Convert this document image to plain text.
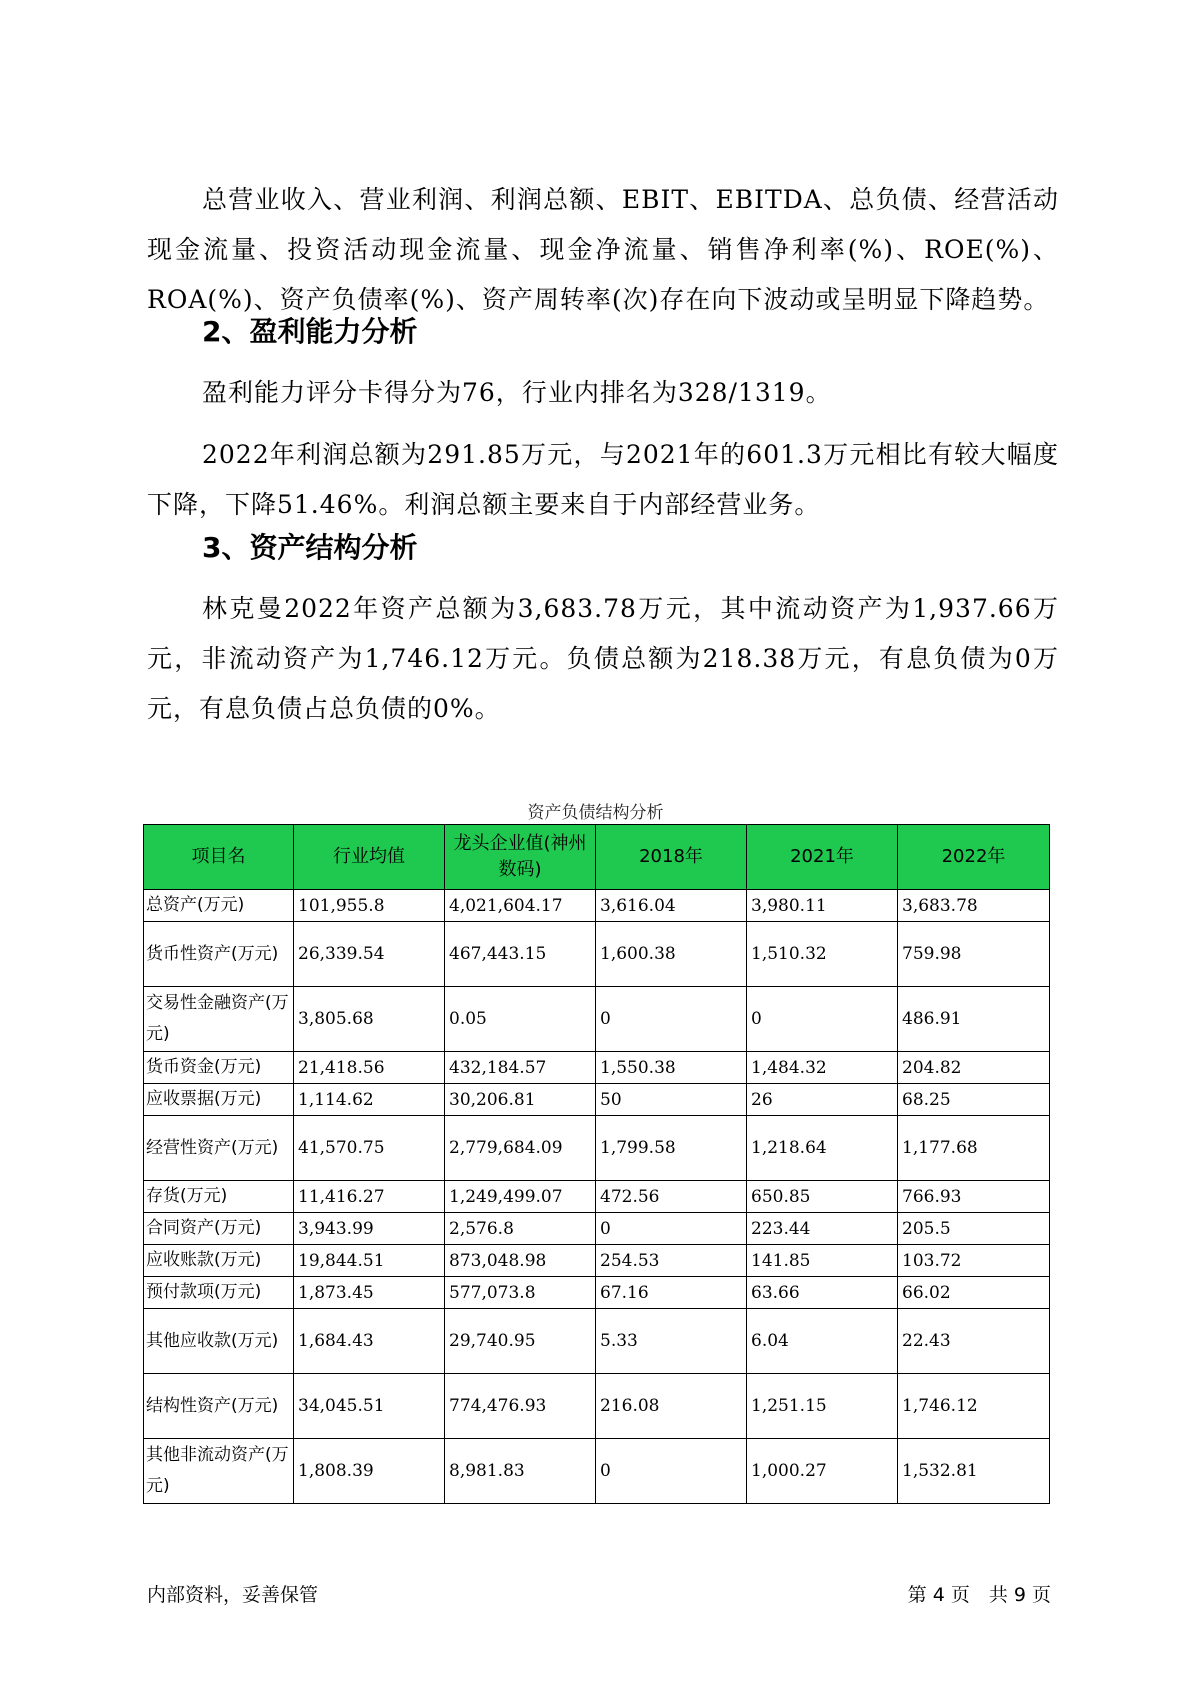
总营业收入、营业利润、利润总额、EBIT、EBITDA、总负债、经营活动现金流量、投资活动现金流量、现金净流量、销售净利率(%)、ROE(%)、ROA(%)、资产负债率(%)、资产周转率(次)存在向下波动或呈明显下降趋势。
2、盈利能力分析
盈利能力评分卡得分为76，行业内排名为328/1319。
2022年利润总额为291.85万元，与2021年的601.3万元相比有较大幅度下降，下降51.46%。利润总额主要来自于内部经营业务。
3、资产结构分析
林克曼2022年资产总额为3,683.78万元，其中流动资产为1,937.66万元，非流动资产为1,746.12万元。负债总额为218.38万元，有息负债为0万元，有息负债占总负债的0%。
资产负债结构分析
项目名	行业均值	龙头企业值(神州数码)	2018年	2021年	2022年
总资产(万元)	101,955.8	4,021,604.17	3,616.04	3,980.11	3,683.78
货币性资产(万元)	26,339.54	467,443.15	1,600.38	1,510.32	759.98
交易性金融资产(万元)	3,805.68	0.05	0	0	486.91
货币资金(万元)	21,418.56	432,184.57	1,550.38	1,484.32	204.82
应收票据(万元)	1,114.62	30,206.81	50	26	68.25
经营性资产(万元)	41,570.75	2,779,684.09	1,799.58	1,218.64	1,177.68
存货(万元)	11,416.27	1,249,499.07	472.56	650.85	766.93
合同资产(万元)	3,943.99	2,576.8	0	223.44	205.5
应收账款(万元)	19,844.51	873,048.98	254.53	141.85	103.72
预付款项(万元)	1,873.45	577,073.8	67.16	63.66	66.02
其他应收款(万元)	1,684.43	29,740.95	5.33	6.04	22.43
结构性资产(万元)	34,045.51	774,476.93	216.08	1,251.15	1,746.12
其他非流动资产(万元)	1,808.39	8,981.83	0	1,000.27	1,532.81
内部资料，妥善保管	第 4 页　共 9 页
